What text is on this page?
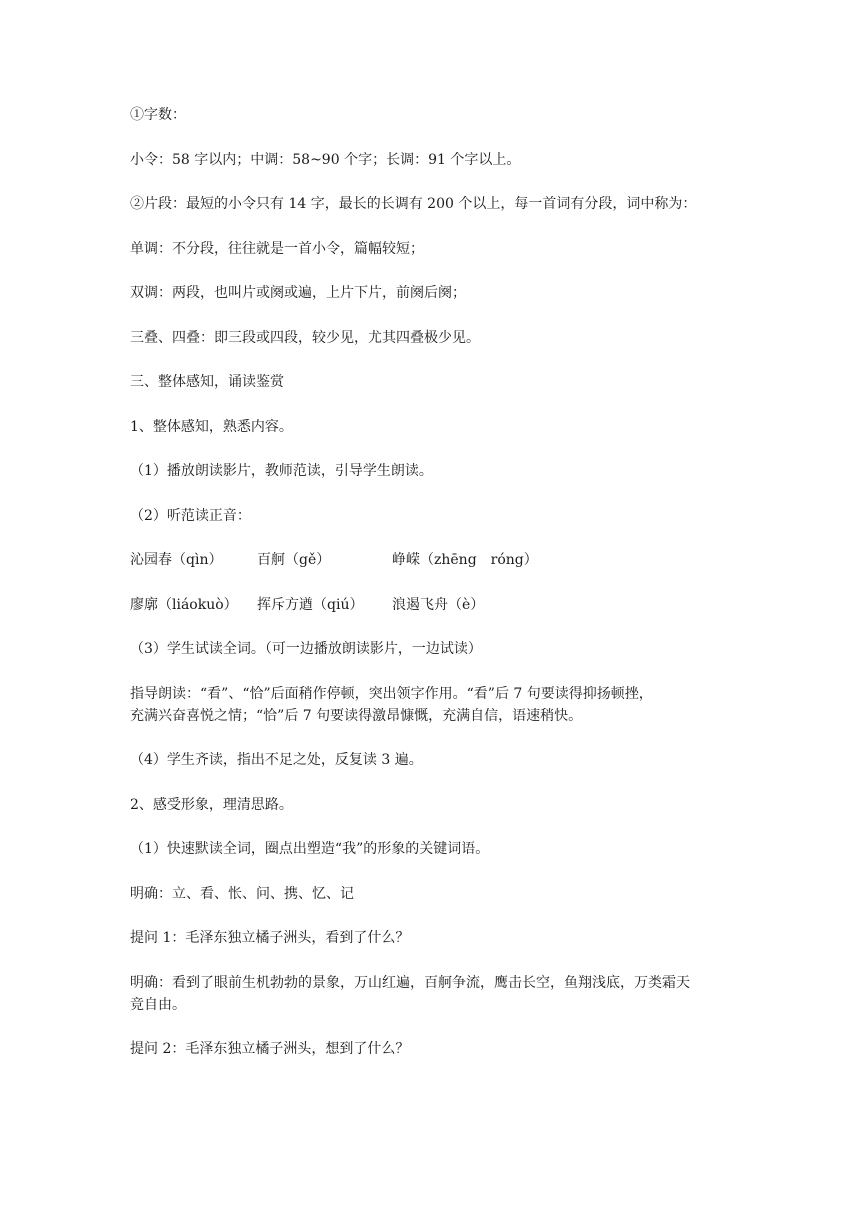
①字数：

小令：58 字以内；中调：58~90 个字；长调：91 个字以上。

②片段：最短的小令只有 14 字，最长的长调有 200 个以上，每一首词有分段，词中称为：

单调：不分段，往往就是一首小令，篇幅较短；

双调：两段，也叫片或阕或遍，上片下片，前阕后阕；

三叠、四叠：即三段或四段，较少见，尤其四叠极少见。

三、整体感知，诵读鉴赏

1、整体感知，熟悉内容。

（1）播放朗读影片，教师范读，引导学生朗读。

（2）听范读正音：

沁园春（qìn） 百舸（gě）	峥嵘（zhēng　róng）
廖廓（liáokuò） 挥斥方遒（qiú） 浪遏飞舟（è）

（3）学生试读全词。（可一边播放朗读影片，一边试读）

指导朗读：“看”、“恰”后面稍作停顿，突出领字作用。“看”后 7 句要读得抑扬顿挫，

充满兴奋喜悦之情；“恰”后 7 句要读得激昂慷慨，充满自信，语速稍快。

（4）学生齐读，指出不足之处，反复读 3 遍。

2、感受形象，理清思路。

（1）快速默读全词，圈点出塑造“我”的形象的关键词语。

明确：立、看、怅、问、携、忆、记

提问 1：毛泽东独立橘子洲头，看到了什么？

明确：看到了眼前生机勃勃的景象，万山红遍，百舸争流，鹰击长空，鱼翔浅底，万类霜天

竞自由。

提问 2：毛泽东独立橘子洲头，想到了什么？
